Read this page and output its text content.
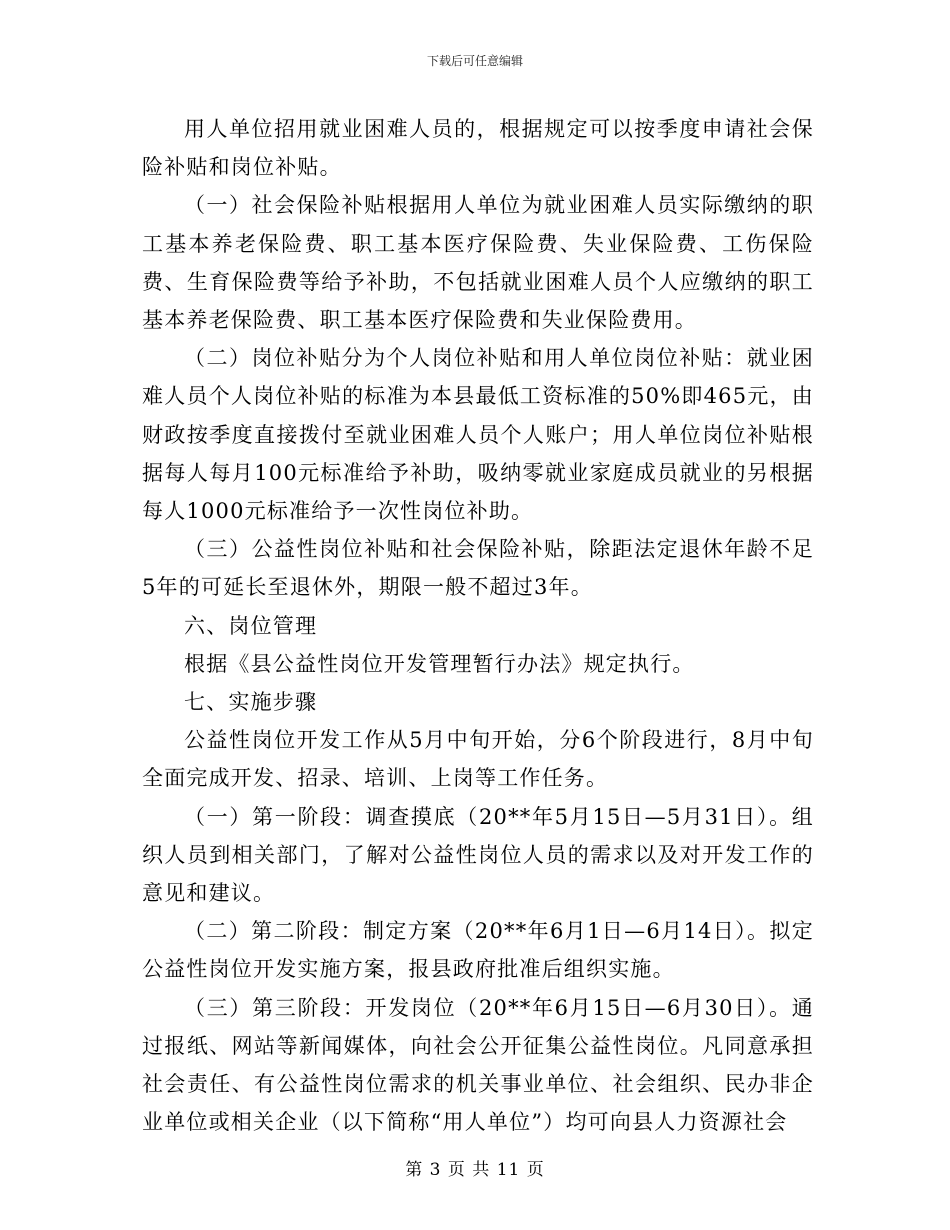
下载后可任意编辑

用人单位招用就业困难人员的，根据规定可以按季度申请社会保险补贴和岗位补贴。

（一）社会保险补贴根据用人单位为就业困难人员实际缴纳的职工基本养老保险费、职工基本医疗保险费、失业保险费、工伤保险费、生育保险费等给予补助，不包括就业困难人员个人应缴纳的职工基本养老保险费、职工基本医疗保险费和失业保险费用。

（二）岗位补贴分为个人岗位补贴和用人单位岗位补贴：就业困难人员个人岗位补贴的标准为本县最低工资标准的50%即465元，由财政按季度直接拨付至就业困难人员个人账户；用人单位岗位补贴根据每人每月100元标准给予补助，吸纳零就业家庭成员就业的另根据每人1000元标准给予一次性岗位补助。

（三）公益性岗位补贴和社会保险补贴，除距法定退休年龄不足5年的可延长至退休外，期限一般不超过3年。

六、岗位管理

根据《县公益性岗位开发管理暂行办法》规定执行。

七、实施步骤

公益性岗位开发工作从5月中旬开始，分6个阶段进行，8月中旬全面完成开发、招录、培训、上岗等工作任务。

（一）第一阶段：调查摸底（20**年5月15日—5月31日）。组织人员到相关部门，了解对公益性岗位人员的需求以及对开发工作的意见和建议。

（二）第二阶段：制定方案（20**年6月1日—6月14日）。拟定公益性岗位开发实施方案，报县政府批准后组织实施。

（三）第三阶段：开发岗位（20**年6月15日—6月30日）。通过报纸、网站等新闻媒体，向社会公开征集公益性岗位。凡同意承担社会责任、有公益性岗位需求的机关事业单位、社会组织、民办非企业单位或相关企业（以下简称“用人单位”）均可向县人力资源社会

第 3 页 共 11 页
